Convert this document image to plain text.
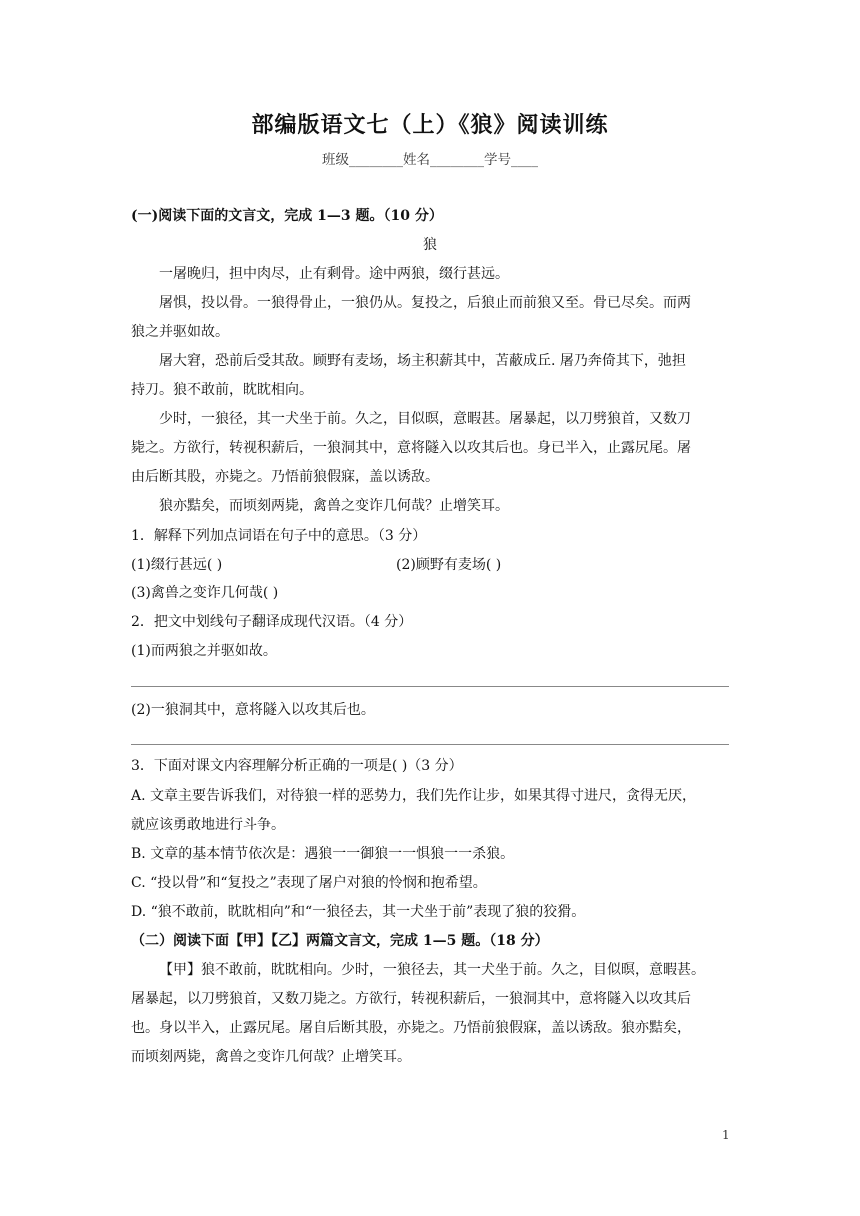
部编版语文七（上）《狼》阅读训练
班级________姓名________学号____
(一)阅读下面的文言文，完成 1—3 题。（10 分）
狼
一屠晚归，担中肉尽，止有剩骨。途中两狼，缀行甚远。
屠惧，投以骨。一狼得骨止，一狼仍从。复投之，后狼止而前狼又至。骨已尽矣。而两
狼之并驱如故。
屠大窘，恐前后受其敌。顾野有麦场，场主积薪其中，苫蔽成丘. 屠乃奔倚其下，弛担
持刀。狼不敢前，眈眈相向。
少时，一狼径，其一犬坐于前。久之，目似暝，意暇甚。屠暴起，以刀劈狼首，又数刀
毙之。方欲行，转视积薪后，一狼洞其中，意将隧入以攻其后也。身已半入，止露尻尾。屠
由后断其股，亦毙之。乃悟前狼假寐，盖以诱敌。
狼亦黠矣，而顷刻两毙，禽兽之变诈几何哉？止增笑耳。
1．解释下列加点词语在句子中的意思。（3 分）
(1)缀行甚远( )	(2)顾野有麦场( )
(3)禽兽之变诈几何哉( )
2．把文中划线句子翻译成现代汉语。（4 分）
(1)而两狼之并驱如故。
(2)一狼洞其中，意将隧入以攻其后也。
3．下面对课文内容理解分析正确的一项是( )（3 分）
A. 文章主要告诉我们，对待狼一样的恶势力，我们先作让步，如果其得寸进尺，贪得无厌，
就应该勇敢地进行斗争。
B. 文章的基本情节依次是：遇狼一一御狼一一惧狼一一杀狼。
C. “投以骨”和“复投之”表现了屠户对狼的怜悯和抱希望。
D. “狼不敢前，眈眈相向”和“一狼径去，其一犬坐于前”表现了狼的狡猾。
（二）阅读下面【甲】【乙】两篇文言文，完成 1—5 题。（18 分）
【甲】狼不敢前，眈眈相向。少时，一狼径去，其一犬坐于前。久之，目似暝，意暇甚。
屠暴起，以刀劈狼首，又数刀毙之。方欲行，转视积薪后，一狼洞其中，意将隧入以攻其后
也。身以半入，止露尻尾。屠自后断其股，亦毙之。乃悟前狼假寐，盖以诱敌。狼亦黠矣，
而顷刻两毙，禽兽之变诈几何哉？止增笑耳。
1
